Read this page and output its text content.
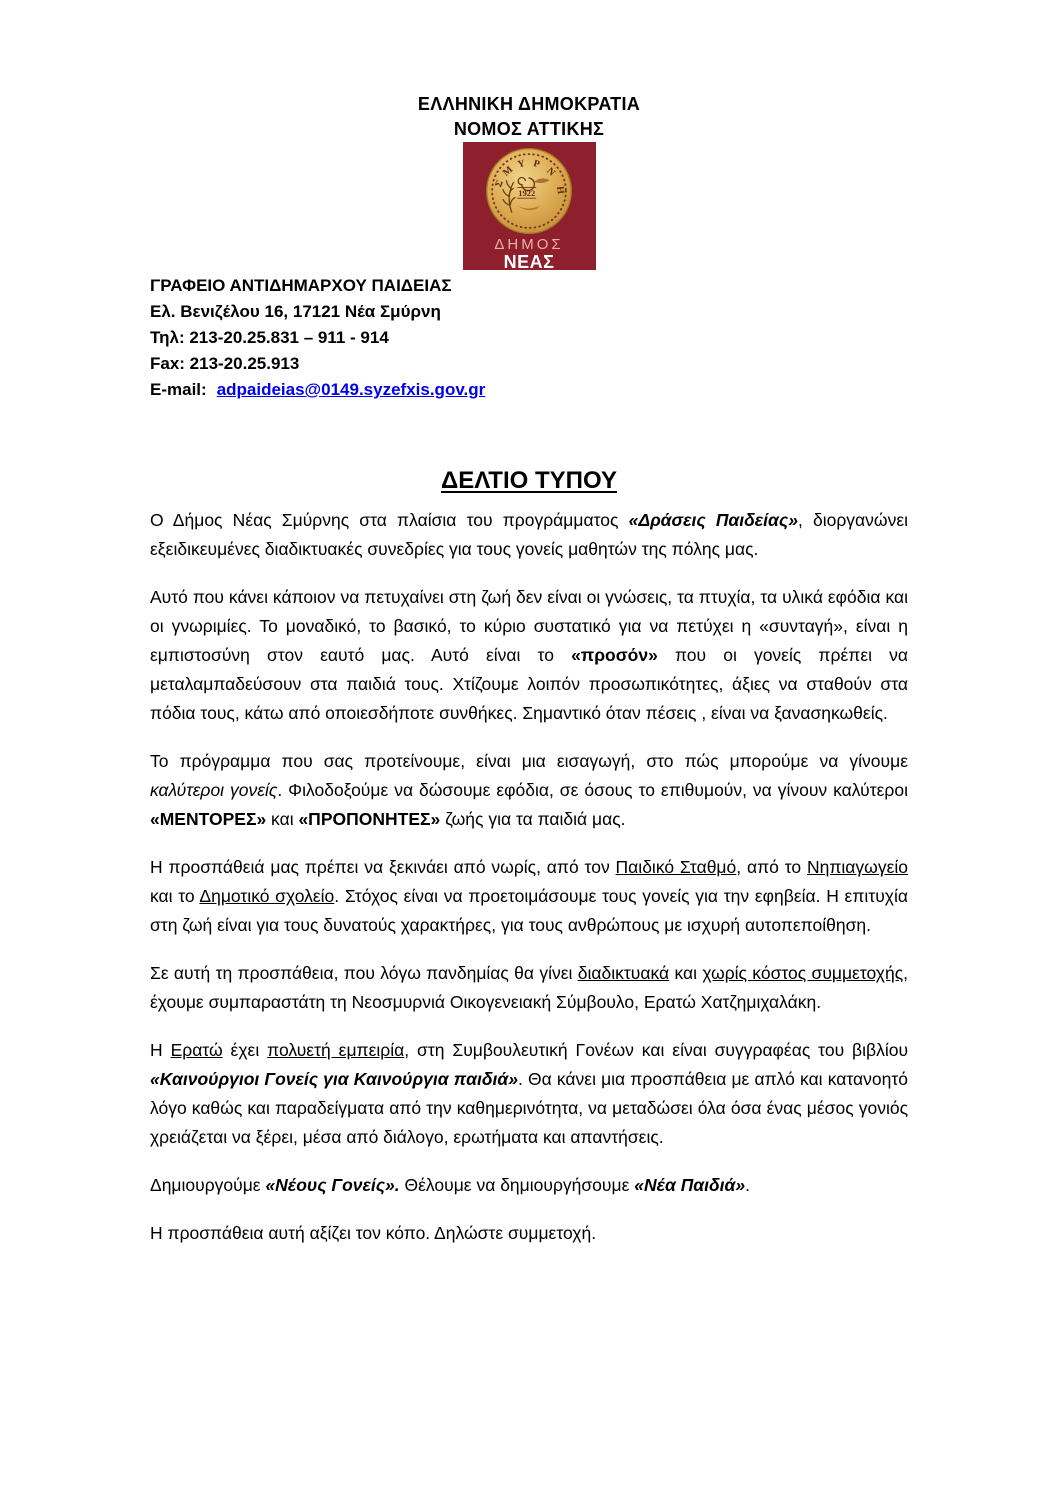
ΕΛΛΗΝΙΚΗ ΔΗΜΟΚΡΑΤΙΑ
ΝΟΜΟΣ ΑΤΤΙΚΗΣ
1922
Σ
Μ Υ Ρ
Ν
Η
ΔΗΜΟΣ
ΝΕΑΣ ΣΜΥΡΝΗΣ
ΓΡΑΦΕΙΟ ΑΝΤΙΔΗΜΑΡΧΟΥ ΠΑΙΔΕΙΑΣ
Ελ. Βενιζέλου 16, 17121 Νέα Σμύρνη
Τηλ: 213-20.25.831 – 911 - 914
Fax: 213-20.25.913
E-mail: adpaideias@0149.syzefxis.gov.gr
ΔΕΛΤΙΟ ΤΥΠΟΥ

Ο Δήμος Νέας Σμύρνης στα πλαίσια του προγράμματος «Δράσεις Παιδείας», διοργανώνει εξειδικευμένες διαδικτυακές συνεδρίες για τους γονείς μαθητών της πόλης μας.

Αυτό που κάνει κάποιον να πετυχαίνει στη ζωή δεν είναι οι γνώσεις, τα πτυχία, τα υλικά εφόδια και οι γνωριμίες. Το μοναδικό, το βασικό, το κύριο συστατικό για να πετύχει η «συνταγή», είναι η εμπιστοσύνη στον εαυτό μας. Αυτό είναι το «προσόν» που οι γονείς πρέπει να μεταλαμπαδεύσουν στα παιδιά τους. Χτίζουμε λοιπόν προσωπικότητες, άξιες να σταθούν στα πόδια τους, κάτω από οποιεσδήποτε συνθήκες. Σημαντικό όταν πέσεις , είναι να ξανασηκωθείς.

Το πρόγραμμα που σας προτείνουμε, είναι μια εισαγωγή, στο πώς μπορούμε να γίνουμε καλύτεροι γονείς. Φιλοδοξούμε να δώσουμε εφόδια, σε όσους το επιθυμούν, να γίνουν καλύτεροι «ΜΕΝΤΟΡΕΣ» και «ΠΡΟΠΟΝΗΤΕΣ» ζωής για τα παιδιά μας.

Η προσπάθειά μας πρέπει να ξεκινάει από νωρίς, από τον Παιδικό Σταθμό, από το Νηπιαγωγείο και το Δημοτικό σχολείο. Στόχος είναι να προετοιμάσουμε τους γονείς για την εφηβεία. Η επιτυχία στη ζωή είναι για τους δυνατούς χαρακτήρες, για τους ανθρώπους με ισχυρή αυτοπεποίθηση.

Σε αυτή τη προσπάθεια, που λόγω πανδημίας θα γίνει διαδικτυακά και χωρίς κόστος συμμετοχής, έχουμε συμπαραστάτη τη Νεοσμυρνιά Οικογενειακή Σύμβουλο, Ερατώ Χατζημιχαλάκη.

Η Ερατώ έχει πολυετή εμπειρία, στη Συμβουλευτική Γονέων και είναι συγγραφέας του βιβλίου «Καινούργιοι Γονείς για Καινούργια παιδιά». Θα κάνει μια προσπάθεια με απλό και κατανοητό λόγο καθώς και παραδείγματα από την καθημερινότητα, να μεταδώσει όλα όσα ένας μέσος γονιός χρειάζεται να ξέρει, μέσα από διάλογο, ερωτήματα και απαντήσεις.

Δημιουργούμε «Νέους Γονείς». Θέλουμε να δημιουργήσουμε «Νέα Παιδιά».

Η προσπάθεια αυτή αξίζει τον κόπο. Δηλώστε συμμετοχή.
